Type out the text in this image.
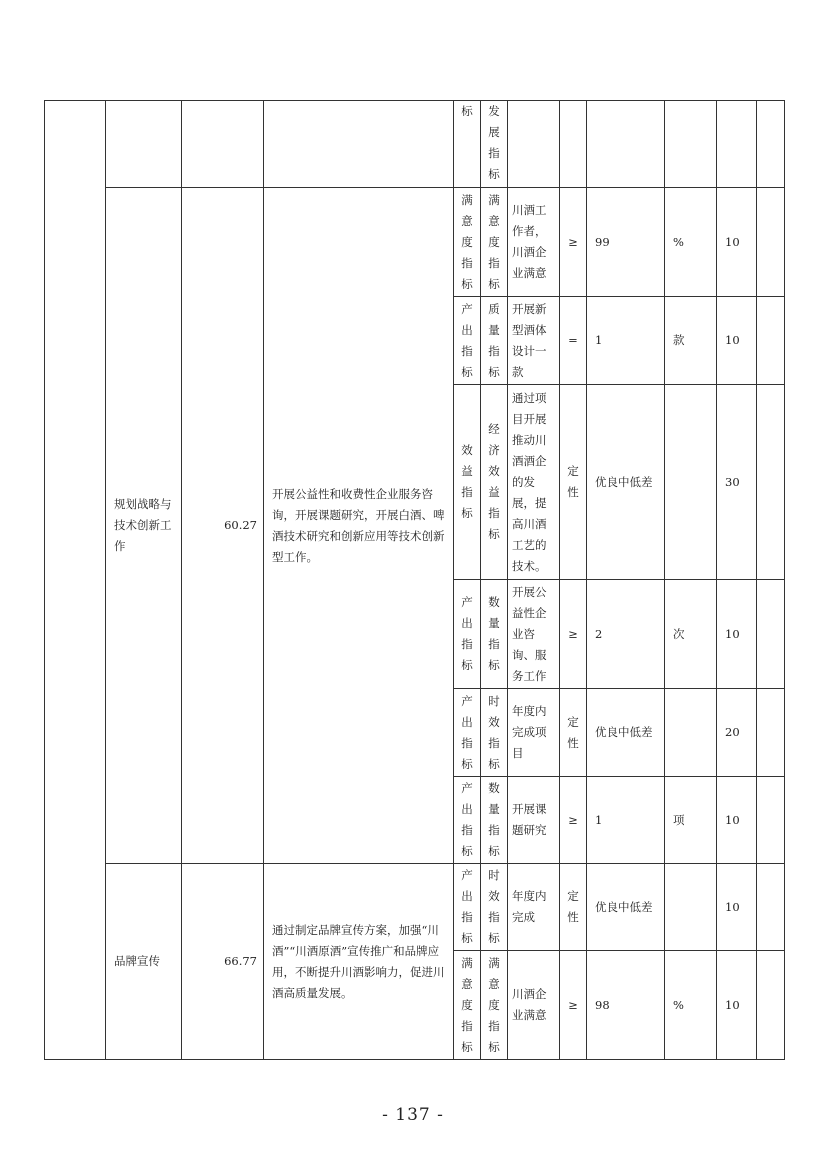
				标	发展指标						

	规划战略与技术创新工作	60.27	开展公益性和收费性企业服务咨询，开展课题研究，开展白酒、啤酒技术研究和创新应用等技术创新型工作。	满意度指标	满意度指标	川酒工作者，川酒企业满意	≥	99	%	10	

				产出指标	质量指标	开展新型酒体设计一款	=	1	款	10	

				效益指标	经济效益指标	通过项目开展推动川酒酒企的发展，提高川酒工艺的技术。	定性	优良中低差		30	

				产出指标	数量指标	开展公益性企业咨询、服务工作	≥	2	次	10	

				产出指标	时效指标	年度内完成项目	定性	优良中低差		20	

				产出指标	数量指标	开展课题研究	≥	1	项	10	
	品牌宣传	66.77	通过制定品牌宣传方案，加强“川酒”“川酒原酒”宣传推广和品牌应用，不断提升川酒影响力，促进川酒高质量发展。	产出指标	时效指标	年度内完成	定性	优良中低差		10	

				满意度指标	满意度指标	川酒企业满意	≥	98	%	10	
- 137 -
